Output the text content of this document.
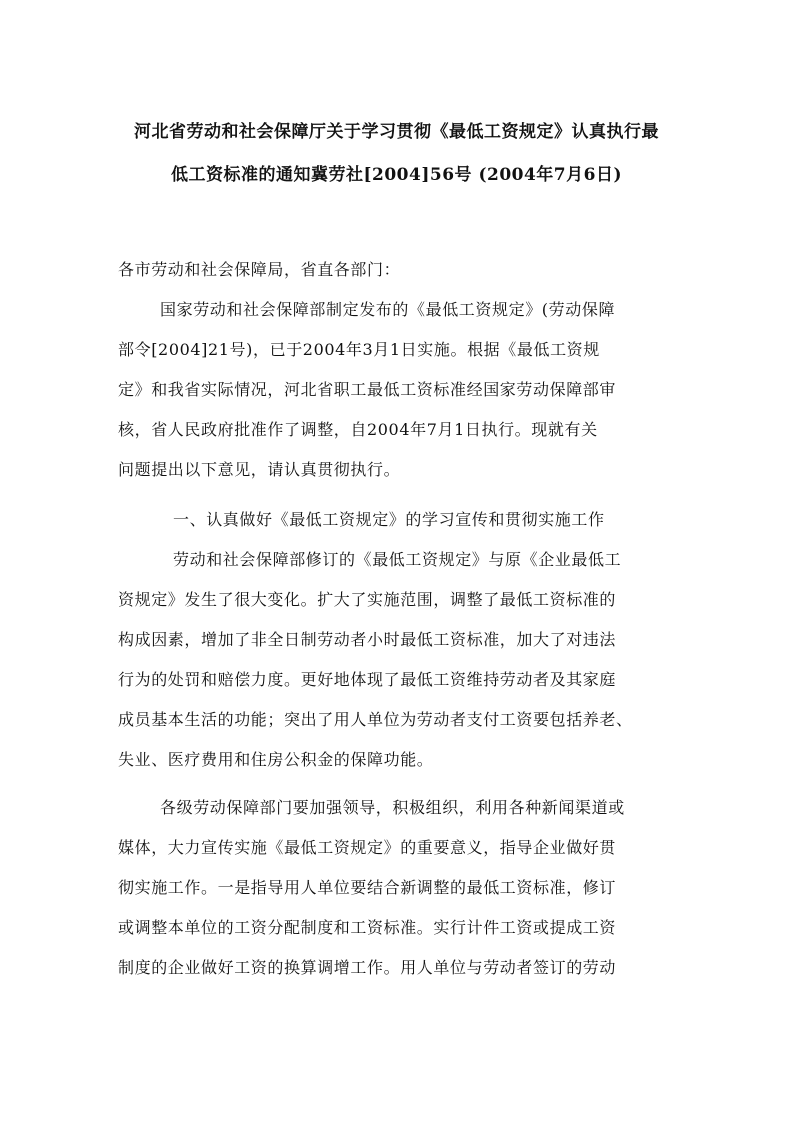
河北省劳动和社会保障厅关于学习贯彻《最低工资规定》认真执行最
低工资标准的通知冀劳社[2004]56号 (2004年7月6日)
各市劳动和社会保障局，省直各部门：
国家劳动和社会保障部制定发布的《最低工资规定》(劳动保障
部令[2004]21号)，已于2004年3月1日实施。根据《最低工资规
定》和我省实际情况，河北省职工最低工资标准经国家劳动保障部审
核，省人民政府批准作了调整，自2004年7月1日执行。现就有关
问题提出以下意见，请认真贯彻执行。
一、认真做好《最低工资规定》的学习宣传和贯彻实施工作
劳动和社会保障部修订的《最低工资规定》与原《企业最低工
资规定》发生了很大变化。扩大了实施范围，调整了最低工资标准的
构成因素，增加了非全日制劳动者小时最低工资标准，加大了对违法
行为的处罚和赔偿力度。更好地体现了最低工资维持劳动者及其家庭
成员基本生活的功能；突出了用人单位为劳动者支付工资要包括养老、
失业、医疗费用和住房公积金的保障功能。
各级劳动保障部门要加强领导，积极组织，利用各种新闻渠道或
媒体，大力宣传实施《最低工资规定》的重要意义，指导企业做好贯
彻实施工作。一是指导用人单位要结合新调整的最低工资标准，修订
或调整本单位的工资分配制度和工资标准。实行计件工资或提成工资
制度的企业做好工资的换算调增工作。用人单位与劳动者签订的劳动
